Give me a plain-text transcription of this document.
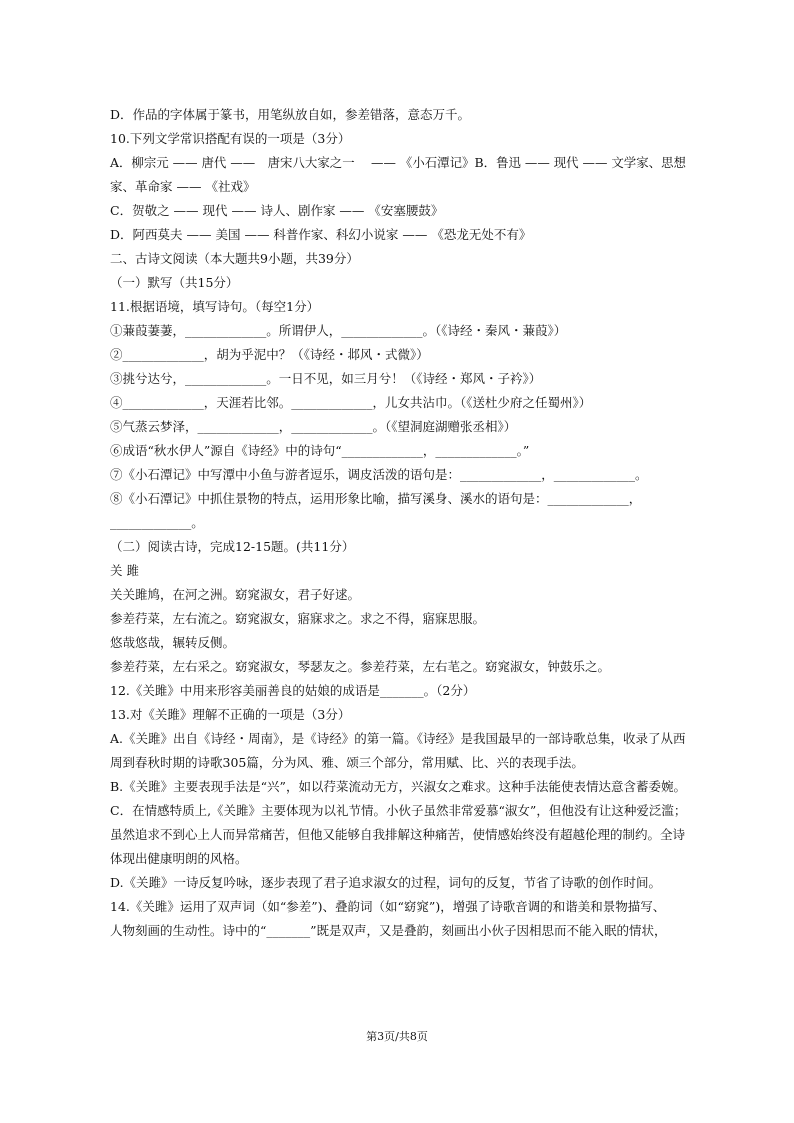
D．作品的字体属于篆书，用笔纵放自如，参差错落，意态万千。
10.下列文学常识搭配有误的一项是（3分）
A．柳宗元 —— 唐代 ——　唐宋八大家之一　 —— 《小石潭记》B．鲁迅 —— 现代 —— 文学家、思想
家、革命家 —— 《社戏》
C．贺敬之 —— 现代 —— 诗人、剧作家 —— 《安塞腰鼓》
D．阿西莫夫 —— 美国 —— 科普作家、科幻小说家 —— 《恐龙无处不有》
二、古诗文阅读（本大题共9小题，共39分）
（一）默写（共15分）
11.根据语境，填写诗句。（每空1分）
①蒹葭萋萋，_____________。所谓伊人，_____________。（《诗经・秦风・蒹葭》）
②_____________，胡为乎泥中？（《诗经・邶风・式微》）
③挑兮达兮，_____________。一日不见，如三月兮！（《诗经・郑风・子衿》）
④_____________，天涯若比邻。_____________，儿女共沾巾。（《送杜少府之任蜀州》）
⑤气蒸云梦泽，_____________，_____________。（《望洞庭湖赠张丞相》）
⑥成语“秋水伊人”源自《诗经》中的诗句“_____________，_____________。”
⑦《小石潭记》中写潭中小鱼与游者逗乐，调皮活泼的语句是：_____________，_____________。
⑧《小石潭记》中抓住景物的特点，运用形象比喻，描写溪身、溪水的语句是：_____________，
_____________。
（二）阅读古诗，完成12-15题。(共11分）
关 雎
关关雎鸠，在河之洲。窈窕淑女，君子好逑。
参差荇菜，左右流之。窈窕淑女，寤寐求之。求之不得，寤寐思服。
悠哉悠哉，辗转反侧。
参差荇菜，左右采之。窈窕淑女，琴瑟友之。参差荇菜，左右芼之。窈窕淑女，钟鼓乐之。
12.《关雎》中用来形容美丽善良的姑娘的成语是_______。（2分）
13.对《关雎》理解不正确的一项是（3分）
A.《关雎》出自《诗经・周南》，是《诗经》的第一篇。《诗经》是我国最早的一部诗歌总集，收录了从西
周到春秋时期的诗歌305篇，分为风、雅、颂三个部分，常用赋、比、兴的表现手法。
B.《关雎》主要表现手法是“兴”，如以荇菜流动无方，兴淑女之难求。这种手法能使表情达意含蓄委婉。
C．在情感特质上,《关雎》主要体现为以礼节情。小伙子虽然非常爱慕“淑女”，但他没有让这种爱泛滥；
虽然追求不到心上人而异常痛苦，但他又能够自我排解这种痛苦，使情感始终没有超越伦理的制约。全诗
体现出健康明朗的风格。
D.《关雎》一诗反复吟咏，逐步表现了君子追求淑女的过程，词句的反复，节省了诗歌的创作时间。
14.《关雎》运用了双声词（如“参差”)、叠韵词（如“窈窕”)，增强了诗歌音调的和谐美和景物描写、
人物刻画的生动性。诗中的“_______”既是双声，又是叠韵，刻画出小伙子因相思而不能入眠的情状，
第3页/共8页
